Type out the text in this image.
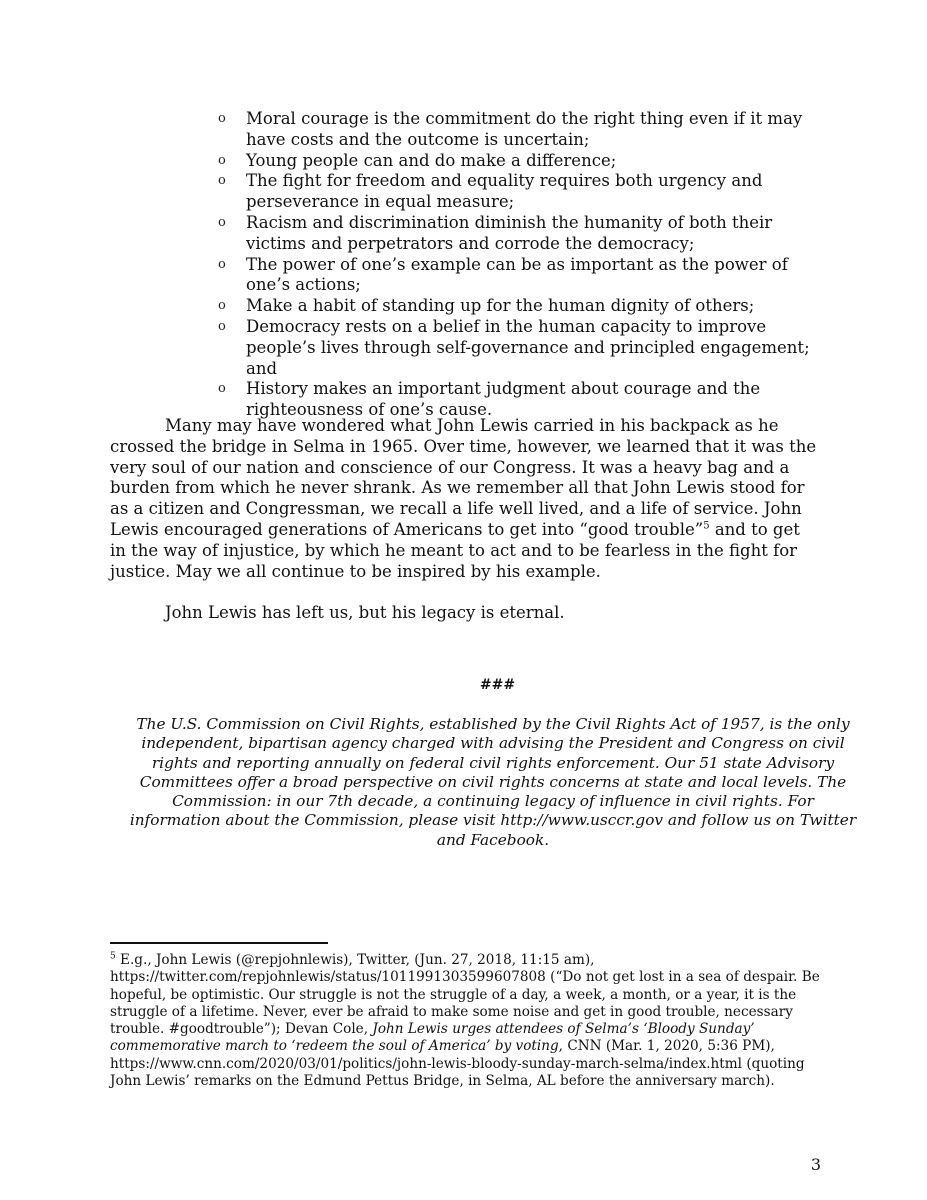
o Moral courage is the commitment do the right thing even if it may have costs and the outcome is uncertain;
o Young people can and do make a difference;
o The fight for freedom and equality requires both urgency and perseverance in equal measure;
o Racism and discrimination diminish the humanity of both their victims and perpetrators and corrode the democracy;
o The power of one’s example can be as important as the power of one’s actions;
o Make a habit of standing up for the human dignity of others;
o Democracy rests on a belief in the human capacity to improve people’s lives through self-governance and principled engagement; and
o History makes an important judgment about courage and the righteousness of one’s cause.

Many may have wondered what John Lewis carried in his backpack as he crossed the bridge in Selma in 1965. Over time, however, we learned that it was the very soul of our nation and conscience of our Congress. It was a heavy bag and a burden from which he never shrank. As we remember all that John Lewis stood for as a citizen and Congressman, we recall a life well lived, and a life of service. John Lewis encouraged generations of Americans to get into “good trouble”$^5$ and to get in the way of injustice, by which he meant to act and to be fearless in the fight for justice. May we all continue to be inspired by his example.

John Lewis has left us, but his legacy is eternal.

###

The U.S. Commission on Civil Rights, established by the Civil Rights Act of 1957, is the only independent, bipartisan agency charged with advising the President and Congress on civil rights and reporting annually on federal civil rights enforcement. Our 51 state Advisory Committees offer a broad perspective on civil rights concerns at state and local levels. The Commission: in our 7th decade, a continuing legacy of influence in civil rights. For information about the Commission, please visit http://www.usccr.gov and follow us on Twitter and Facebook.

$^5$ E.g., John Lewis (@repjohnlewis), Twitter, (Jun. 27, 2018, 11:15 am), https://twitter.com/repjohnlewis/status/1011991303599607808 (“Do not get lost in a sea of despair. Be hopeful, be optimistic. Our struggle is not the struggle of a day, a week, a month, or a year, it is the struggle of a lifetime. Never, ever be afraid to make some noise and get in good trouble, necessary trouble. #goodtrouble”); Devan Cole, John Lewis urges attendees of Selma’s ‘Bloody Sunday’ commemorative march to ‘redeem the soul of America’ by voting, CNN (Mar. 1, 2020, 5:36 PM), https://www.cnn.com/2020/03/01/politics/john-lewis-bloody-sunday-march-selma/index.html (quoting John Lewis’ remarks on the Edmund Pettus Bridge, in Selma, AL before the anniversary march).

3
